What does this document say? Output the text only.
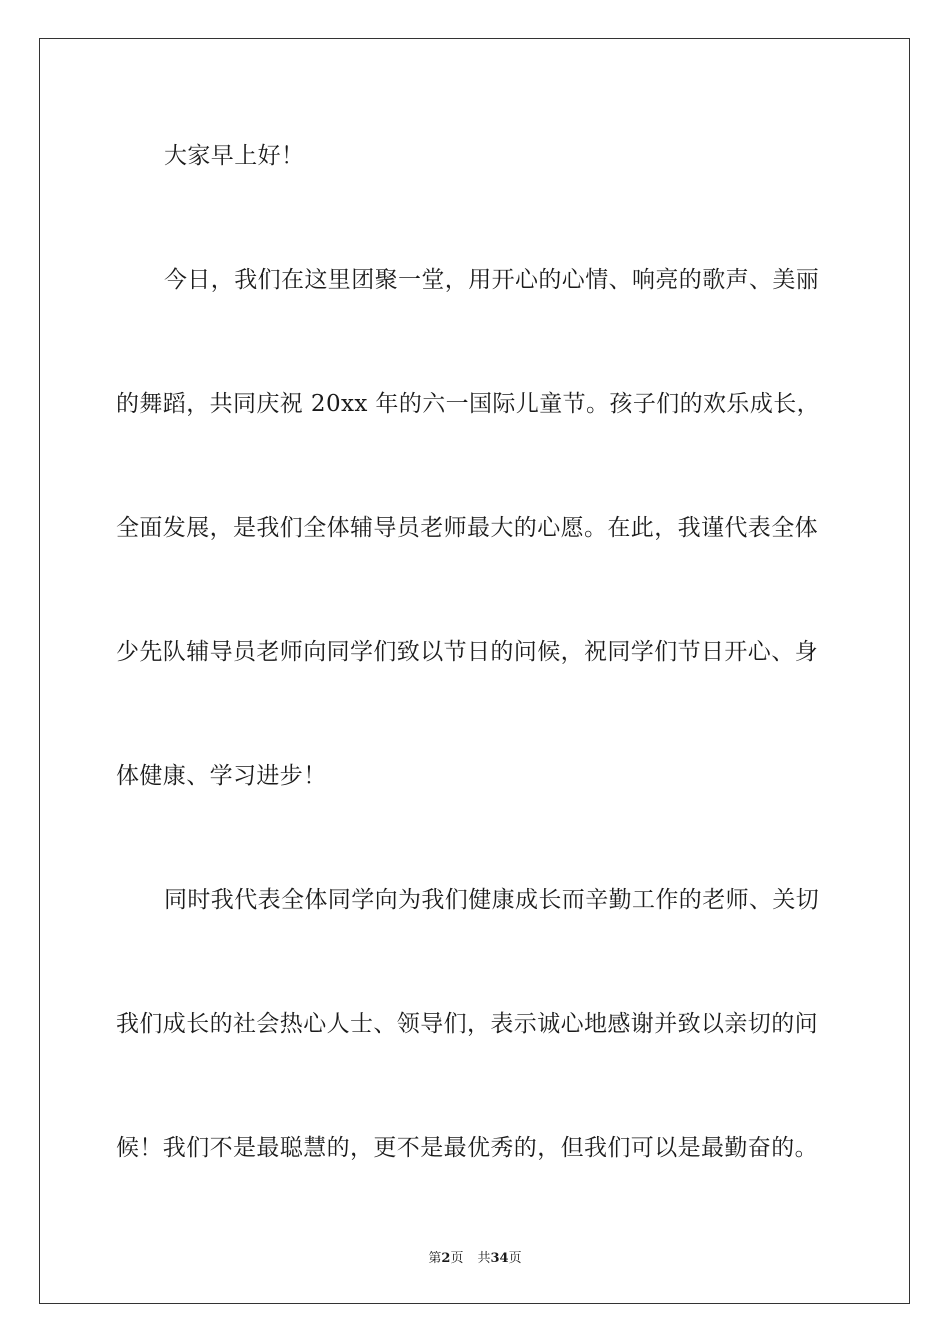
大家早上好！

今日，我们在这里团聚一堂，用开心的心情、响亮的歌声、美丽
的舞蹈，共同庆祝 20xx 年的六一国际儿童节。孩子们的欢乐成长，
全面发展，是我们全体辅导员老师最大的心愿。在此，我谨代表全体
少先队辅导员老师向同学们致以节日的问候，祝同学们节日开心、身
体健康、学习进步！

同时我代表全体同学向为我们健康成长而辛勤工作的老师、关切
我们成长的社会热心人士、领导们，表示诚心地感谢并致以亲切的问
候！我们不是最聪慧的，更不是最优秀的，但我们可以是最勤奋的。

第2页 共34页
